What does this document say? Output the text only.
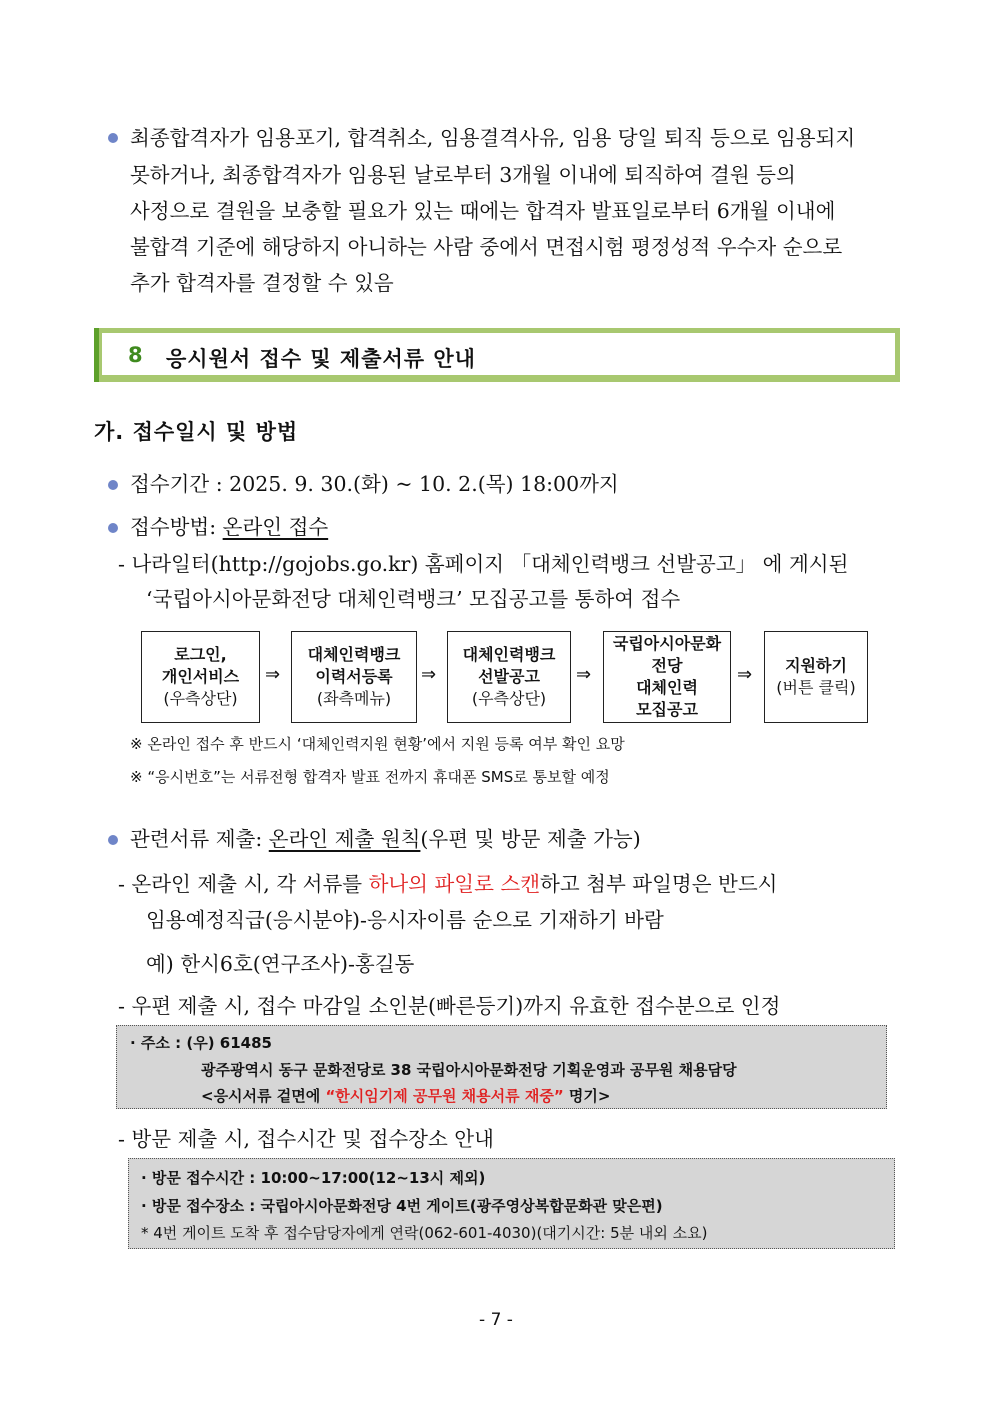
최종합격자가 임용포기, 합격취소, 임용결격사유, 임용 당일 퇴직 등으로 임용되지
못하거나, 최종합격자가 임용된 날로부터 3개월 이내에 퇴직하여 결원 등의
사정으로 결원을 보충할 필요가 있는 때에는 합격자 발표일로부터 6개월 이내에
불합격 기준에 해당하지 아니하는 사람 중에서 면접시험 평정성적 우수자 순으로
추가 합격자를 결정할 수 있음
8 응시원서 접수 및 제출서류 안내
가. 접수일시 및 방법
접수기간 : 2025. 9. 30.(화) ~ 10. 2.(목) 18:00까지
접수방법: 온라인 접수
- 나라일터(http://gojobs.go.kr) 홈페이지 「대체인력뱅크 선발공고」 에 게시된
‘국립아시아문화전당 대체인력뱅크’ 모집공고를 통하여 접수
로그인,
개인서비스
(우측상단)
⇒
대체인력뱅크
이력서등록
(좌측메뉴)
⇒
대체인력뱅크
선발공고
(우측상단)
⇒
국립아시아문화
전당
대체인력
모집공고
⇒	지원하기
(버튼 클릭)
※ 온라인 접수 후 반드시 ‘대체인력지원 현황’에서 지원 등록 여부 확인 요망
※ “응시번호”는 서류전형 합격자 발표 전까지 휴대폰 SMS로 통보할 예정
관련서류 제출: 온라인 제출 원칙(우편 및 방문 제출 가능)
- 온라인 제출 시, 각 서류를 하나의 파일로 스캔하고 첨부 파일명은 반드시
임용예정직급(응시분야)-응시자이름 순으로 기재하기 바람
예) 한시6호(연구조사)-홍길동
- 우편 제출 시, 접수 마감일 소인분(빠른등기)까지 유효한 접수분으로 인정
· 주소 : (우) 61485
광주광역시 동구 문화전당로 38 국립아시아문화전당 기획운영과 공무원 채용담당
<응시서류 겉면에 “한시임기제 공무원 채용서류 재중” 명기>
- 방문 제출 시, 접수시간 및 접수장소 안내
· 방문 접수시간 : 10:00~17:00(12~13시 제외)
· 방문 접수장소 : 국립아시아문화전당 4번 게이트(광주영상복합문화관 맞은편)
* 4번 게이트 도착 후 접수담당자에게 연락(062-601-4030)(대기시간: 5분 내외 소요)
- 7 -
